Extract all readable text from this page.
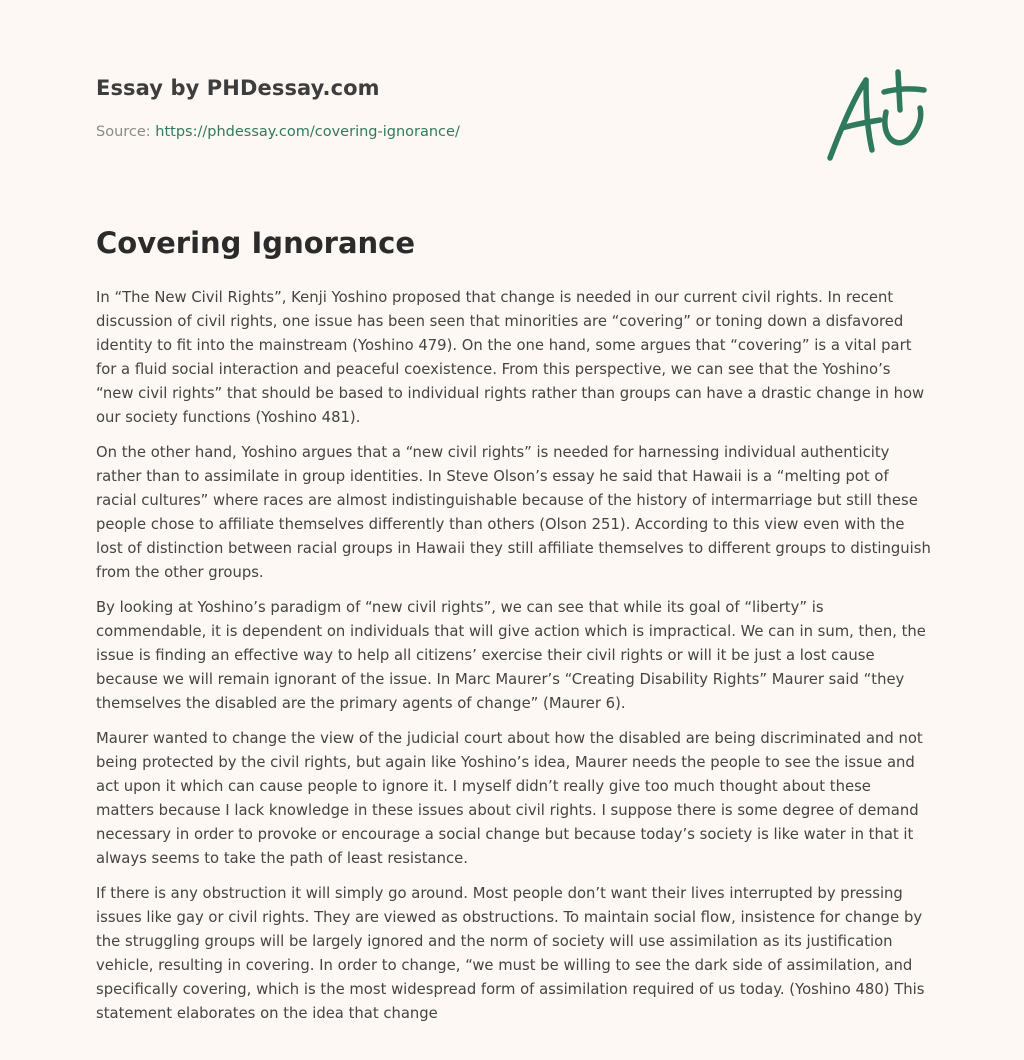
Essay by PHDessay.com
Source: https://phdessay.com/covering-ignorance/
Covering Ignorance

In “The New Civil Rights”, Kenji Yoshino proposed that change is needed in our current civil rights. In recent discussion of civil rights, one issue has been seen that minorities are “covering” or toning down a disfavored identity to fit into the mainstream (Yoshino 479). On the one hand, some argues that “covering” is a vital part for a fluid social interaction and peaceful coexistence. From this perspective, we can see that the Yoshino’s “new civil rights” that should be based to individual rights rather than groups can have a drastic change in how our society functions (Yoshino 481).

On the other hand, Yoshino argues that a “new civil rights” is needed for harnessing individual authenticity rather than to assimilate in group identities. In Steve Olson’s essay he said that Hawaii is a “melting pot of racial cultures” where races are almost indistinguishable because of the history of intermarriage but still these people chose to affiliate themselves differently than others (Olson 251). According to this view even with the lost of distinction between racial groups in Hawaii they still affiliate themselves to different groups to distinguish from the other groups.

By looking at Yoshino’s paradigm of “new civil rights”, we can see that while its goal of “liberty” is commendable, it is dependent on individuals that will give action which is impractical. We can in sum, then, the issue is finding an effective way to help all citizens’ exercise their civil rights or will it be just a lost cause because we will remain ignorant of the issue. In Marc Maurer’s “Creating Disability Rights” Maurer said “they themselves the disabled are the primary agents of change” (Maurer 6).

Maurer wanted to change the view of the judicial court about how the disabled are being discriminated and not being protected by the civil rights, but again like Yoshino’s idea, Maurer needs the people to see the issue and act upon it which can cause people to ignore it. I myself didn’t really give too much thought about these matters because I lack knowledge in these issues about civil rights. I suppose there is some degree of demand necessary in order to provoke or encourage a social change but because today’s society is like water in that it always seems to take the path of least resistance.

If there is any obstruction it will simply go around. Most people don’t want their lives interrupted by pressing issues like gay or civil rights. They are viewed as obstructions. To maintain social flow, insistence for change by the struggling groups will be largely ignored and the norm of society will use assimilation as its justification vehicle, resulting in covering. In order to change, “we must be willing to see the dark side of assimilation, and specifically covering, which is the most widespread form of assimilation required of us today. (Yoshino 480) This statement elaborates on the idea that change
